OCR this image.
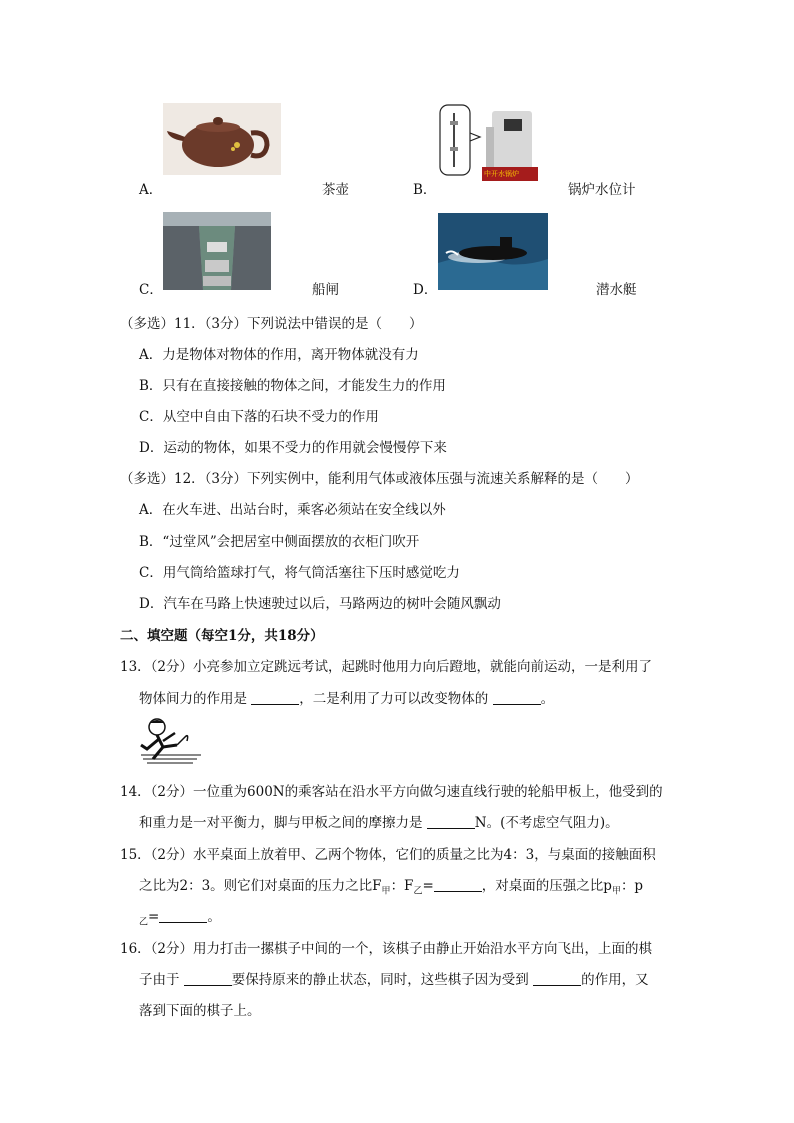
A．	茶壶
中开水锅炉
B．	锅炉水位计
C．	船闸	D．	潜水艇
（多选）11．（3分）下列说法中错误的是（　　）
A．力是物体对物体的作用，离开物体就没有力
B．只有在直接接触的物体之间，才能发生力的作用
C．从空中自由下落的石块不受力的作用
D．运动的物体，如果不受力的作用就会慢慢停下来
（多选）12．（3分）下列实例中，能利用气体或液体压强与流速关系解释的是（　　）
A．在火车进、出站台时，乘客必须站在安全线以外
B．“过堂风”会把居室中侧面摆放的衣柜门吹开
C．用气筒给篮球打气，将气筒活塞往下压时感觉吃力
D．汽车在马路上快速驶过以后，马路两边的树叶会随风飘动
二、填空题（每空1分，共18分）
13．（2分）小亮参加立定跳远考试，起跳时他用力向后蹬地，就能向前运动，一是利用了
物体间力的作用是	，二是利用了力可以改变物体的	。
14．（2分）一位重为600N的乘客站在沿水平方向做匀速直线行驶的轮船甲板上，他受到的
和重力是一对平衡力，脚与甲板之间的摩擦力是	N。(不考虑空气阻力)。
15．（2分）水平桌面上放着甲、乙两个物体，它们的质量之比为4：3，与桌面的接触面积
之比为2：3。则它们对桌面的压力之比$F_甲$：$F_乙=$	，对桌面的压强之比$p_甲$：p
$_乙$=	。
16．（2分）用力打击一摞棋子中间的一个，该棋子由静止开始沿水平方向飞出，上面的棋
子由于	要保持原来的静止状态，同时，这些棋子因为受到	的作用，又
落到下面的棋子上。
